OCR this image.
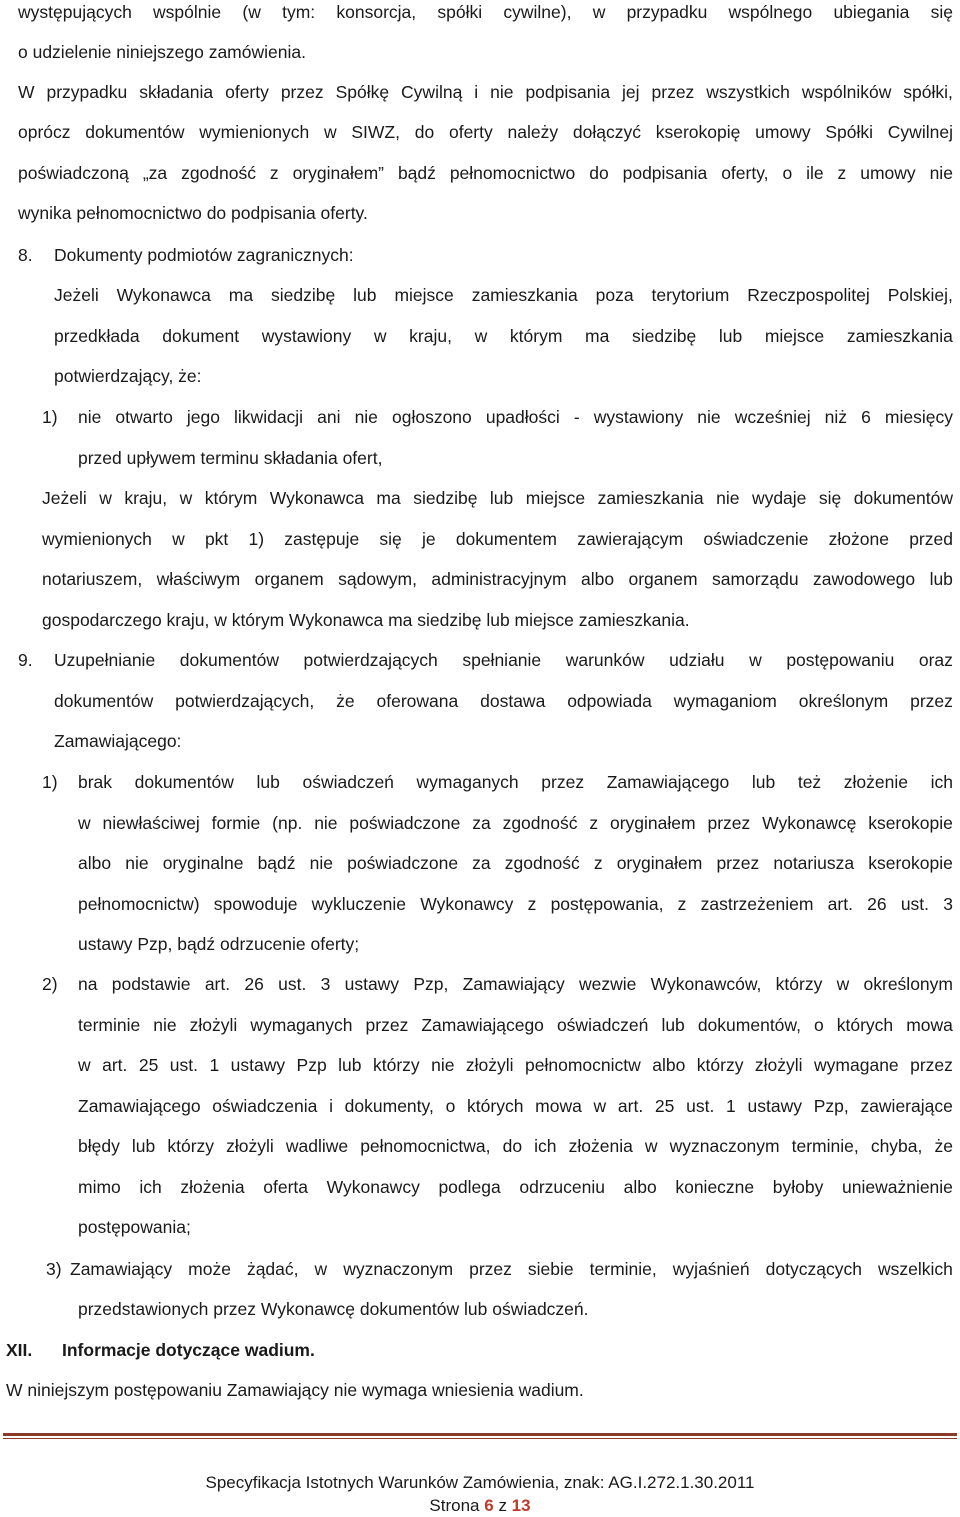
występujących wspólnie (w tym: konsorcja, spółki cywilne), w przypadku wspólnego ubiegania się
o udzielenie niniejszego zamówienia.
W przypadku składania oferty przez Spółkę Cywilną i nie podpisania jej przez wszystkich wspólników spółki,
oprócz dokumentów wymienionych w SIWZ, do oferty należy dołączyć kserokopię umowy Spółki Cywilnej
poświadczoną „za zgodność z oryginałem” bądź pełnomocnictwo do podpisania oferty, o ile z umowy nie
wynika pełnomocnictwo do podpisania oferty.
8. Dokumenty podmiotów zagranicznych:
Jeżeli Wykonawca ma siedzibę lub miejsce zamieszkania poza terytorium Rzeczpospolitej Polskiej,
przedkłada dokument wystawiony w kraju, w którym ma siedzibę lub miejsce zamieszkania
potwierdzający, że:
1) nie otwarto jego likwidacji ani nie ogłoszono upadłości - wystawiony nie wcześniej niż 6 miesięcy
przed upływem terminu składania ofert,
Jeżeli w kraju, w którym Wykonawca ma siedzibę lub miejsce zamieszkania nie wydaje się dokumentów
wymienionych w pkt 1) zastępuje się je dokumentem zawierającym oświadczenie złożone przed
notariuszem, właściwym organem sądowym, administracyjnym albo organem samorządu zawodowego lub
gospodarczego kraju, w którym Wykonawca ma siedzibę lub miejsce zamieszkania.
9. Uzupełnianie dokumentów potwierdzających spełnianie warunków udziału w postępowaniu oraz
dokumentów potwierdzających, że oferowana dostawa odpowiada wymaganiom określonym przez
Zamawiającego:
1) brak dokumentów lub oświadczeń wymaganych przez Zamawiającego lub też złożenie ich
w niewłaściwej formie (np. nie poświadczone za zgodność z oryginałem przez Wykonawcę kserokopie
albo nie oryginalne bądź nie poświadczone za zgodność z oryginałem przez notariusza kserokopie
pełnomocnictw) spowoduje wykluczenie Wykonawcy z postępowania, z zastrzeżeniem art. 26 ust. 3
ustawy Pzp, bądź odrzucenie oferty;
2) na podstawie art. 26 ust. 3 ustawy Pzp, Zamawiający wezwie Wykonawców, którzy w określonym
terminie nie złożyli wymaganych przez Zamawiającego oświadczeń lub dokumentów, o których mowa
w art. 25 ust. 1 ustawy Pzp lub którzy nie złożyli pełnomocnictw albo którzy złożyli wymagane przez
Zamawiającego oświadczenia i dokumenty, o których mowa w art. 25 ust. 1 ustawy Pzp, zawierające
błędy lub którzy złożyli wadliwe pełnomocnictwa, do ich złożenia w wyznaczonym terminie, chyba, że
mimo ich złożenia oferta Wykonawcy podlega odrzuceniu albo konieczne byłoby unieważnienie
postępowania;
3) Zamawiający może żądać, w wyznaczonym przez siebie terminie, wyjaśnień dotyczących wszelkich
przedstawionych przez Wykonawcę dokumentów lub oświadczeń.
XII. Informacje dotyczące wadium.
W niniejszym postępowaniu Zamawiający nie wymaga wniesienia wadium.
Specyfikacja Istotnych Warunków Zamówienia, znak: AG.I.272.1.30.2011
Strona 6 z 13
